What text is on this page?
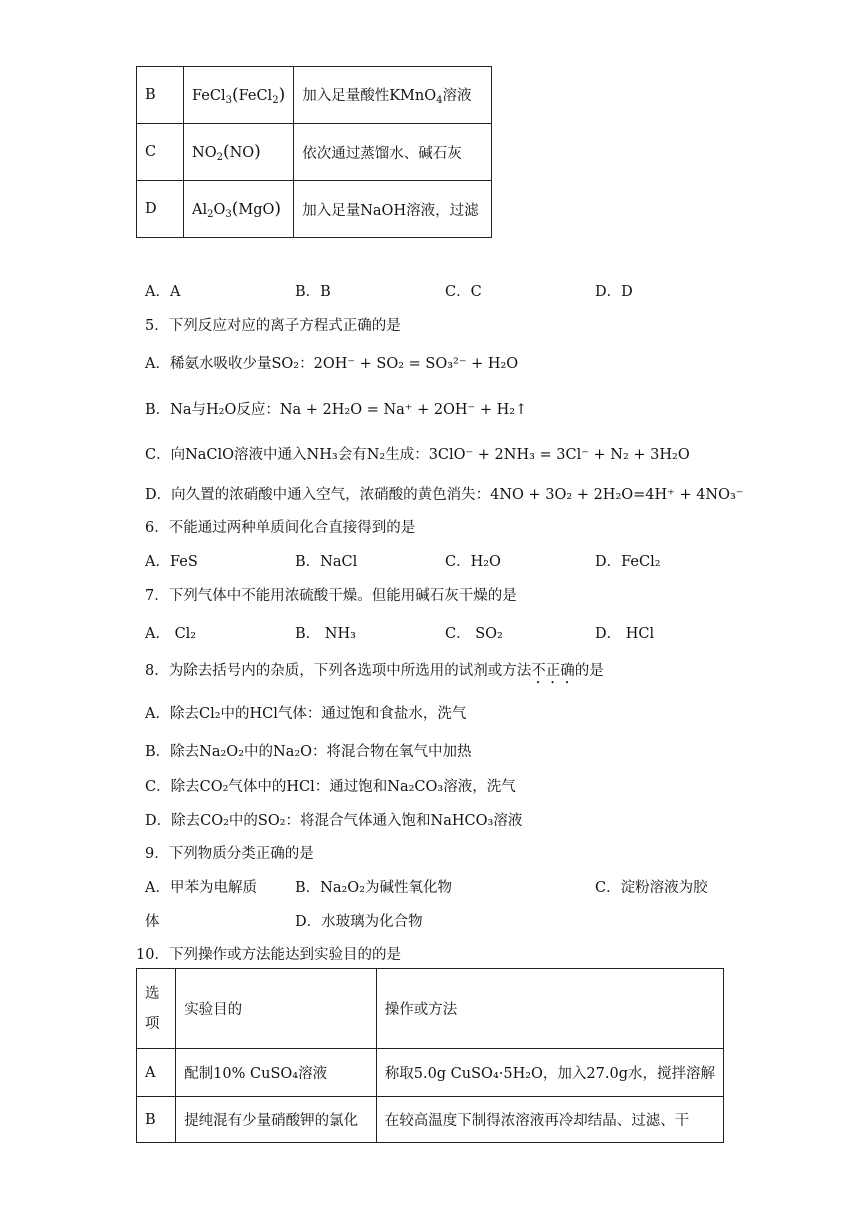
B	FeCl$_3$(FeCl$_2$)	加入足量酸性KMnO$_4$溶液
C	$NO_2(NO)$	依次通过蒸馏水、碱石灰
D	$Al_2O_3(MgO)$	加入足量NaOH溶液，过滤
A．A	B．B	C．C	D．D
5．下列反应对应的离子方程式正确的是
A．稀氨水吸收少量SO₂：2OH⁻ + SO₂ = SO₃²⁻ + H₂O
B．Na与H₂O反应：Na + 2H₂O = Na⁺ + 2OH⁻ + H₂↑
C．向NaClO溶液中通入NH₃会有N₂生成：3ClO⁻ + 2NH₃ = 3Cl⁻ + N₂ + 3H₂O
D．向久置的浓硝酸中通入空气，浓硝酸的黄色消失：4NO + 3O₂ + 2H₂O=4H⁺ + 4NO₃⁻
6．不能通过两种单质间化合直接得到的是
A．FeS	B．NaCl	C．H₂O	D．FeCl₂
7．下列气体中不能用浓硫酸干燥。但能用碱石灰干燥的是
A． Cl₂	B． NH₃	C． SO₂	D． HCl
8．为除去括号内的杂质，下列各选项中所选用的试剂或方法不正确的是
A．除去Cl₂中的HCl气体：通过饱和食盐水，洗气
B．除去Na₂O₂中的Na₂O：将混合物在氧气中加热
C．除去CO₂气体中的HCl：通过饱和Na₂CO₃溶液，洗气
D．除去CO₂中的SO₂：将混合气体通入饱和NaHCO₃溶液
9．下列物质分类正确的是
A．甲苯为电解质	B．Na₂O₂为碱性氧化物	C．淀粉溶液为胶
体	D．水玻璃为化合物
10．下列操作或方法能达到实验目的的是
选
项	实验目的	操作或方法
A	配制10% CuSO₄溶液	称取5.0g CuSO₄·5H₂O，加入27.0g水，搅拌溶解
B	提纯混有少量硝酸钾的氯化	在较高温度下制得浓溶液再冷却结晶、过滤、干
